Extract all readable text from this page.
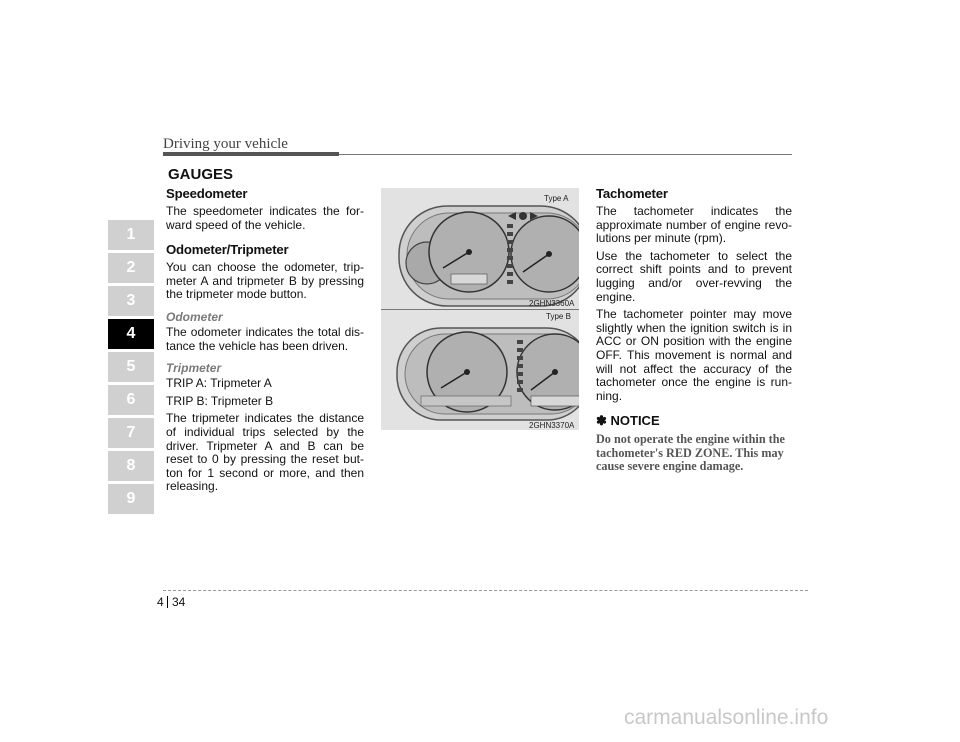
Driving your vehicle
1
2
3
4
5
6
7
8
9
GAUGES
Speedometer
The speedometer indicates the forward speed of the vehicle.
Odometer/Tripmeter
You can choose the odometer, tripmeter A and tripmeter B by pressing the tripmeter mode button.
Odometer
The odometer indicates the total distance the vehicle has been driven.
Tripmeter
TRIP A: Tripmeter A
TRIP B: Tripmeter B
The tripmeter indicates the distance of individual trips selected by the driver. Tripmeter A and B can be reset to 0 by pressing the reset button for 1 second or more, and then releasing.
Type A
2GHN3360A
Type B
2GHN3370A
Tachometer
The tachometer indicates the approximate number of engine revolutions per minute (rpm).
Use the tachometer to select the correct shift points and to prevent lugging and/or over-revving the engine.
The tachometer pointer may move slightly when the ignition switch is in ACC or ON position with the engine OFF. This movement is normal and will not affect the accuracy of the tachometer once the engine is running.
✽ NOTICE
Do not operate the engine within the tachometer's RED ZONE. This may cause severe engine damage.
4 34
carmanualsonline.info
